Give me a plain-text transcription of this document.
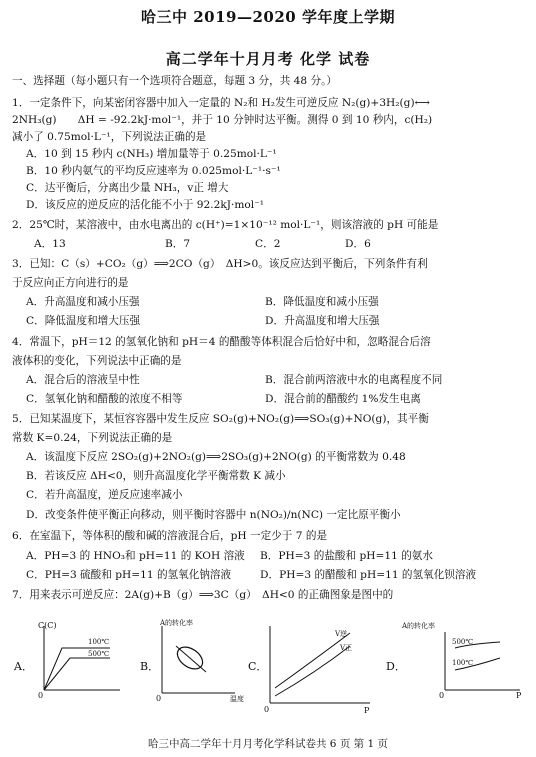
哈三中 2019—2020 学年度上学期
高二学年十月月考 化学 试卷
一、选择题（每小题只有一个选项符合题意，每题 3 分，共 48 分。）
1．一定条件下，向某密闭容器中加入一定量的 N₂和 H₂发生可逆反应 N₂(g)+3H₂(g)⟷
2NH₃(g)　　ΔH = -92.2kJ·mol⁻¹，并于 10 分钟时达平衡。测得 0 到 10 秒内，c(H₂)
减小了 0.75mol·L⁻¹，下列说法正确的是
A．10 到 15 秒内 c(NH₃) 增加量等于 0.25mol·L⁻¹
B．10 秒内氨气的平均反应速率为 0.025mol·L⁻¹·s⁻¹
C．达平衡后，分离出少量 NH₃，v正 增大
D．该反应的逆反应的活化能不小于 92.2kJ·mol⁻¹
2．25℃时，某溶液中，由水电离出的 c(H⁺)=1×10⁻¹² mol·L⁻¹，则该溶液的 pH 可能是
A．13	B．7	C．2	D．6
3．已知：C（s）+CO₂（g）⟹2CO（g）　ΔH>0。该反应达到平衡后，下列条件有利
于反应向正方向进行的是
A．升高温度和减小压强	B．降低温度和减小压强
C．降低温度和增大压强	D．升高温度和增大压强
4．常温下，pH＝12 的氢氧化钠和 pH＝4 的醋酸等体积混合后恰好中和，忽略混合后溶
液体积的变化，下列说法中正确的是
A．混合后的溶液呈中性	B．混合前两溶液中水的电离程度不同
C．氢氧化钠和醋酸的浓度不相等	D．混合前的醋酸约 1%发生电离
5．已知某温度下，某恒容容器中发生反应 SO₂(g)+NO₂(g)⟹SO₃(g)+NO(g)，其平衡
常数 K=0.24，下列说法正确的是
A．该温度下反应 2SO₂(g)+2NO₂(g)⟹2SO₃(g)+2NO(g) 的平衡常数为 0.48
B．若该反应 ΔH<0，则升高温度化学平衡常数 K 减小
C．若升高温度，逆反应速率减小
D．改变条件使平衡正向移动，则平衡时容器中 n(NO₂)/n(NC) 一定比原平衡小
6．在室温下，等体积的酸和碱的溶液混合后，pH 一定少于 7 的是
A．PH=3 的 HNO₃和 pH=11 的 KOH 溶液 B．PH=3 的盐酸和 pH=11 的氨水
C．PH=3 硫酸和 pH=11 的氢氧化钠溶液	D．PH=3 的醋酸和 pH=11 的氢氧化钡溶液
7．用来表示可逆反应：2A(g)+B（g）⟹3C（g）　ΔH<0 的正确图象是图中的
A．
C(C)
0
100℃
500℃
B．
A的转化率
温度
0
C．
P
0
V逆
V正
D．
A的转化率
P
0
500℃
100℃
哈三中高二学年十月月考化学科试卷共 6 页 第 1 页
